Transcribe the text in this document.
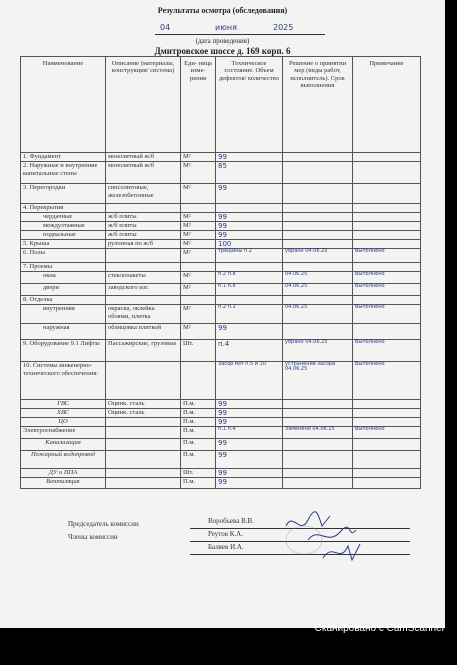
Результаты осмотра (обследования)
04	июня	2025
(дата проведения)
Дмитровское шоссе д. 169 корп. 6
Наименование	Описание (материалы, конструкция/ система)	Еди- ница изме- рения	Техническое состояние. Объем дефектов/ количество	Решение о принятии мер (виды работ, исполнитель). Срок выполнения	Примечание
1. Фундамент	монолитный ж/б	М²	99		
2. Наружные и внутренние капитальные стены	монолитный ж/б	М²	85		
3. Перегородки	гипсолитовые, железобетонные	М²	99		
4. Перекрытия					
чердачные	ж/б плиты	М²	99		
междуэтажные	ж/б плиты	М²	99		
подвальные	ж/б плиты	М²	99		
5. Крыша	рулонная по ж/б	М²	100		
6. Полы		М²	трещины п.2	убрано 04.06.25	Выполнено
7. Проемы					
окна	стеклопакеты	М²	п.2 п.8	04.06.25	Выполнено
двери	заводского изг.	М²	п.1 п.6	04.06.25	Выполнено
8. Отделка					
внутренняя	окраска, оклейка обоями, плитка	М²	п.2 п.1	04.06.25	Выполнено
наружная	облицовка плиткой	М²	99		
9. Оборудование 9.1 Лифты	Пассажирские, грузовые	Шт.	п.4	убрано 04.06.25	Выполнено
10. Системы инженерно-технического обеспечения:			Засор м/п п.5 и 10	устранение засора 04.06.25	Выполнено
ГВС	Оцинк. сталь	П.м.	99		
ХВС	Оцинк. сталь	П.м.	99		
ЦО		П.м.	99		
Электроснабжение		П.м.	п.1 п.4	Заменено 04.06.25	Выполнено
Канализация		П.м.	99		
Пожарный водопровод		П.м.	99		
ДУ и ППА		Шт.	99		
Вентиляция		П.м.	99		
Председатель комиссии	Воробьева В.В.
Члены комиссии	Реутов К.А.
Баляев И.А.
Сканировано с CamScanner
